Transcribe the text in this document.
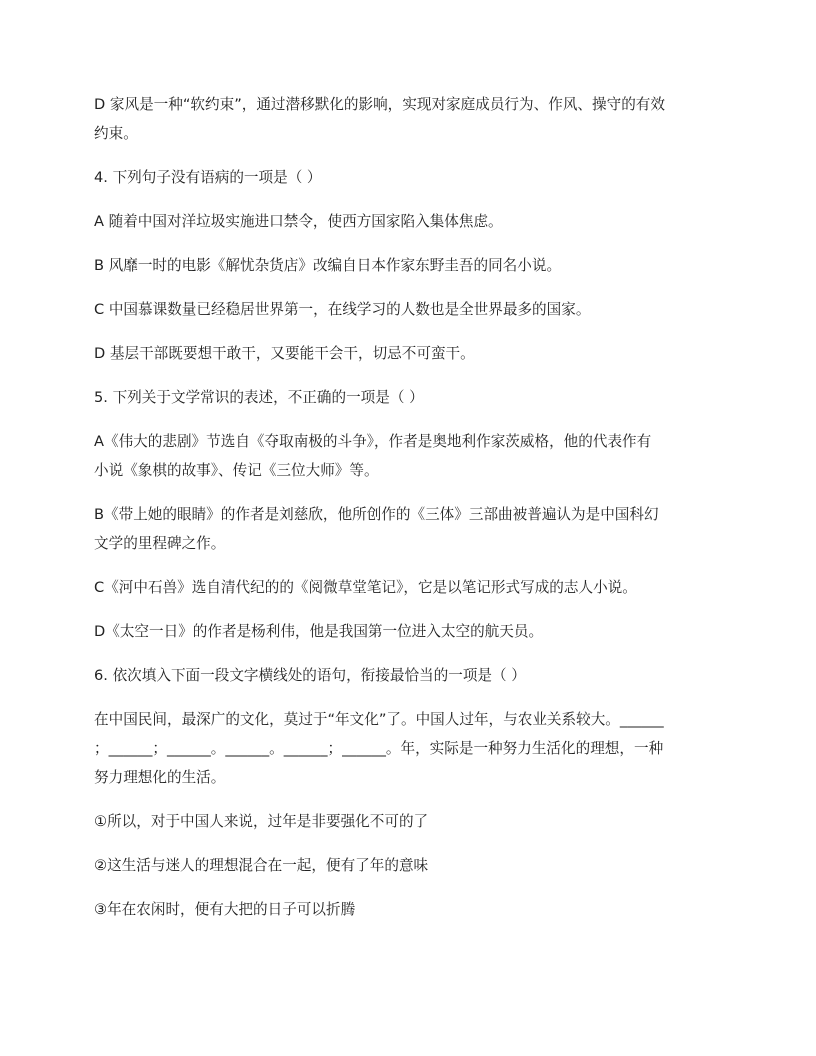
D 家风是一种“软约束”，通过潜移默化的影响，实现对家庭成员行为、作风、操守的有效
约束。
4. 下列句子没有语病的一项是（ ）
A 随着中国对洋垃圾实施进口禁令，使西方国家陷入集体焦虑。
B 风靡一时的电影《解忧杂货店》改编自日本作家东野圭吾的同名小说。
C 中国慕课数量已经稳居世界第一，在线学习的人数也是全世界最多的国家。
D 基层干部既要想干敢干，又要能干会干，切忌不可蛮干。
5. 下列关于文学常识的表述，不正确的一项是（ ）
A《伟大的悲剧》节选自《夺取南极的斗争》，作者是奥地利作家茨威格，他的代表作有
小说《象棋的故事》、传记《三位大师》等。
B《带上她的眼睛》的作者是刘慈欣，他所创作的《三体》三部曲被普遍认为是中国科幻
文学的里程碑之作。
C《河中石兽》选自清代纪的的《阅微草堂笔记》，它是以笔记形式写成的志人小说。
D《太空一日》的作者是杨利伟，他是我国第一位进入太空的航天员。
6. 依次填入下面一段文字横线处的语句，衔接最恰当的一项是（ ）
在中国民间，最深广的文化，莫过于“年文化”了。中国人过年，与农业关系较大。______
；______；______。______。______；______。年，实际是一种努力生活化的理想，一种
努力理想化的生活。
①所以，对于中国人来说，过年是非要强化不可的了
②这生活与迷人的理想混合在一起，便有了年的意味
③年在农闲时，便有大把的日子可以折腾
